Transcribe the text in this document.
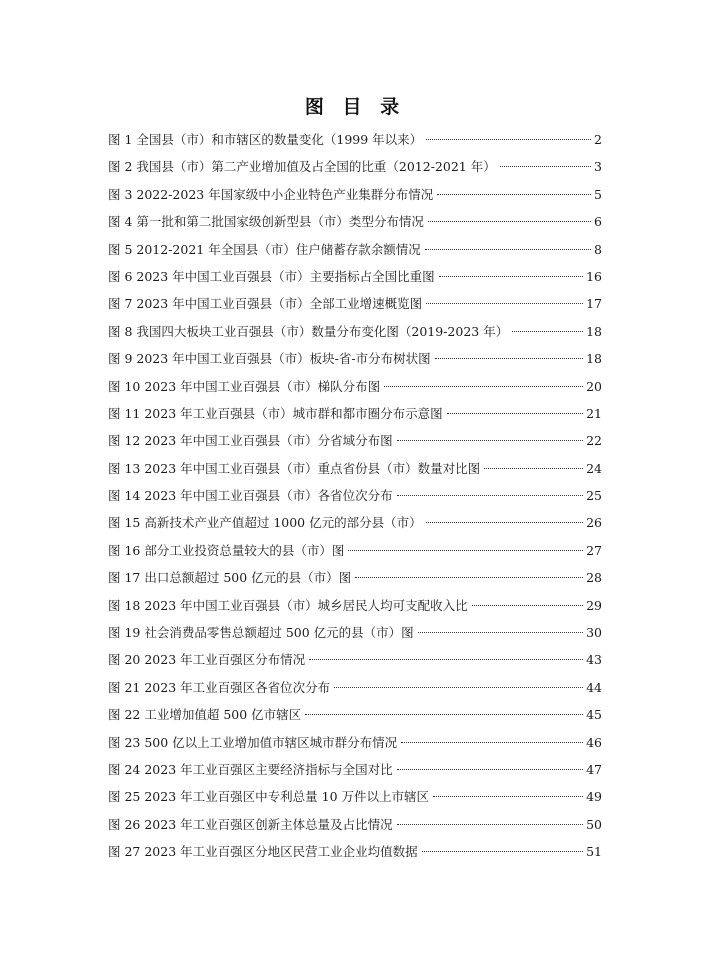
图 目 录
图 1 全国县（市）和市辖区的数量变化（1999 年以来）	2
图 2 我国县（市）第二产业增加值及占全国的比重（2012-2021 年）	3
图 3 2022-2023 年国家级中小企业特色产业集群分布情况	5
图 4 第一批和第二批国家级创新型县（市）类型分布情况	6
图 5 2012-2021 年全国县（市）住户储蓄存款余额情况	8
图 6 2023 年中国工业百强县（市）主要指标占全国比重图	16
图 7 2023 年中国工业百强县（市）全部工业增速概览图	17
图 8 我国四大板块工业百强县（市）数量分布变化图（2019-2023 年）	18
图 9 2023 年中国工业百强县（市）板块-省-市分布树状图	18
图 10 2023 年中国工业百强县（市）梯队分布图	20
图 11 2023 年工业百强县（市）城市群和都市圈分布示意图	21
图 12 2023 年中国工业百强县（市）分省域分布图	22
图 13 2023 年中国工业百强县（市）重点省份县（市）数量对比图	24
图 14 2023 年中国工业百强县（市）各省位次分布	25
图 15 高新技术产业产值超过 1000 亿元的部分县（市）	26
图 16 部分工业投资总量较大的县（市）图	27
图 17 出口总额超过 500 亿元的县（市）图	28
图 18 2023 年中国工业百强县（市）城乡居民人均可支配收入比	29
图 19 社会消费品零售总额超过 500 亿元的县（市）图	30
图 20 2023 年工业百强区分布情况	43
图 21 2023 年工业百强区各省位次分布	44
图 22 工业增加值超 500 亿市辖区	45
图 23 500 亿以上工业增加值市辖区城市群分布情况	46
图 24 2023 年工业百强区主要经济指标与全国对比	47
图 25 2023 年工业百强区中专利总量 10 万件以上市辖区	49
图 26 2023 年工业百强区创新主体总量及占比情况	50
图 27 2023 年工业百强区分地区民营工业企业均值数据	51
